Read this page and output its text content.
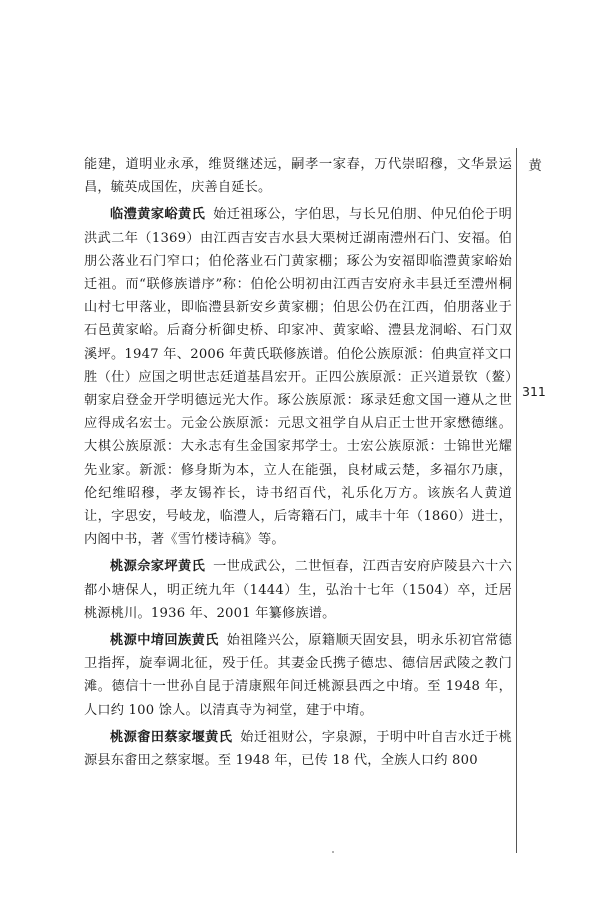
能建，道明业永承，维贤继述远，嗣孝一家春，万代崇昭穆，文华景运昌，毓英成国佐，庆善自延长。

临澧黄家峪黄氏 始迁祖琢公，字伯思，与长兄伯朋、仲兄伯伦于明洪武二年（1369）由江西吉安吉水县大栗树迁湖南澧州石门、安福。伯朋公落业石门窄口；伯伦落业石门黄家棚；琢公为安福即临澧黄家峪始迁祖。而“联修族谱序”称：伯伦公明初由江西吉安府永丰县迁至澧州桐山村七甲落业，即临澧县新安乡黄家棚；伯思公仍在江西，伯朋落业于石邑黄家峪。后裔分析御史桥、印家冲、黄家峪、澧县龙洞峪、石门双溪坪。1947 年、2006 年黄氏联修族谱。伯伦公族原派：伯典宣祥文口胜（仕）应国之明世志廷道基昌宏开。正四公族原派：正兴道景钦（鳌）朝家启登金开学明德远光大作。琢公族原派：琢录廷愈文国一遵从之世应得成名宏士。元金公族原派：元思文祖学自从启正士世开家懋德继。大棋公族原派：大永志有生金国家邦学士。士宏公族原派：士锦世光耀先业家。新派：修身斯为本，立人在能强，良材咸云楚，多福尔乃康，伦纪维昭穆，孝友锡祚长，诗书绍百代，礼乐化万方。该族名人黄道让，字思安，号岐龙，临澧人，后寄籍石门，咸丰十年（1860）进士，内阁中书，著《雪竹楼诗稿》等。

桃源佘家坪黄氏 一世成武公，二世恒春，江西吉安府庐陵县六十六都小塘保人，明正统九年（1444）生，弘治十七年（1504）卒，迁居桃源桃川。1936 年、2001 年纂修族谱。

桃源中堉回族黄氏 始祖隆兴公，原籍顺天固安县，明永乐初官常德卫指挥，旋奉调北征，殁于任。其妻金氏携子德忠、德信居武陵之教门滩。德信十一世孙自昆于清康熙年间迁桃源县西之中堉。至 1948 年，人口约 100 馀人。以清真寺为祠堂，建于中堉。

桃源畬田蔡家堰黄氏 始迁祖财公，字泉源，于明中叶自吉水迁于桃源县东畬田之蔡家堰。至 1948 年，已传 18 代，全族人口约 800

黄
311
